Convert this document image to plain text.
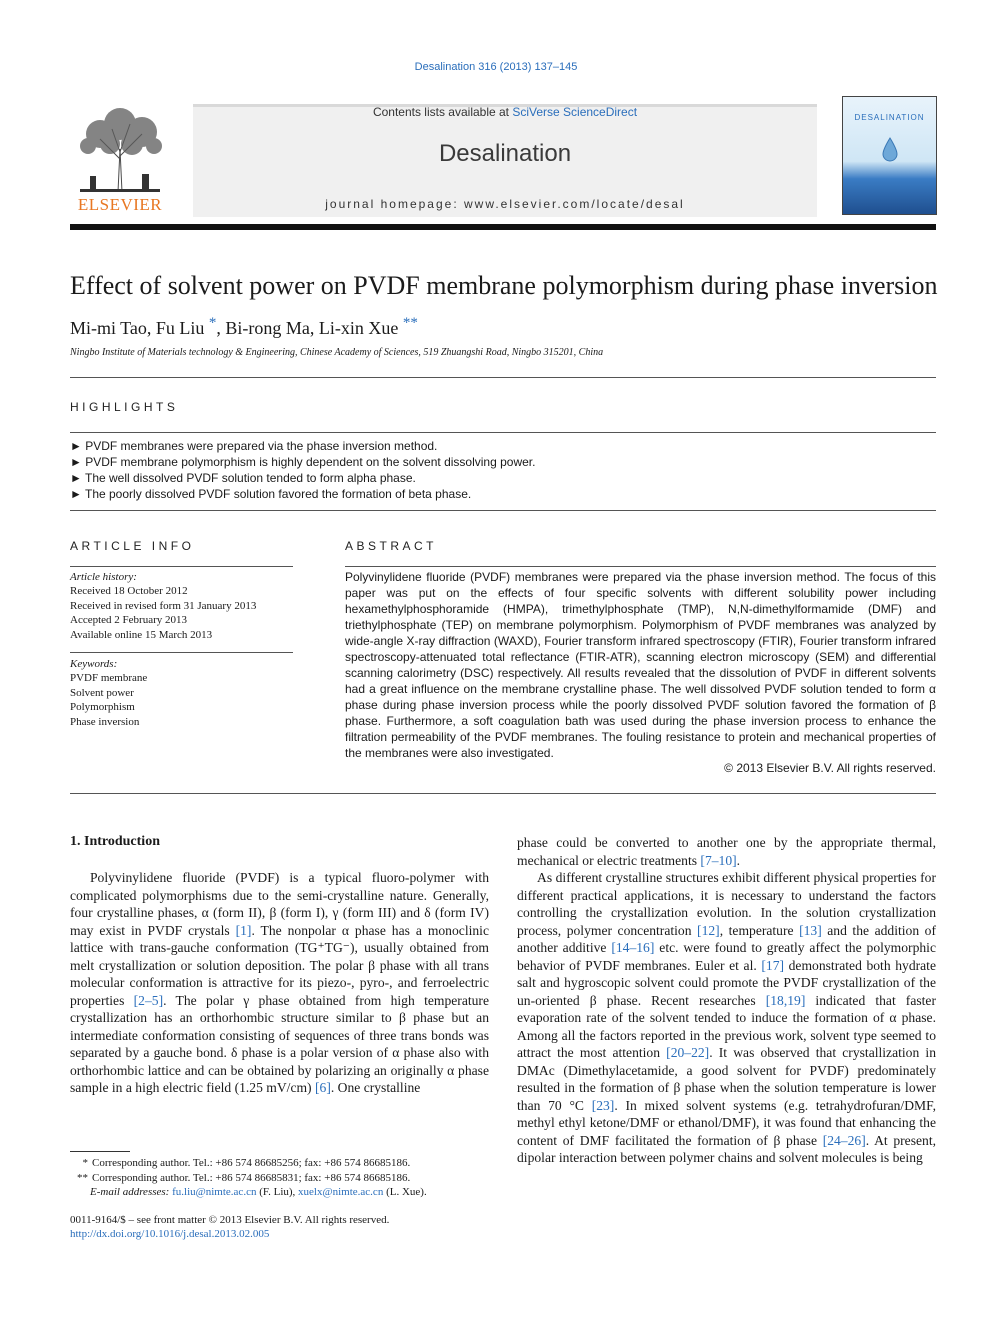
Desalination 316 (2013) 137–145
Contents lists available at SciVerse ScienceDirect
Desalination
journal homepage: www.elsevier.com/locate/desal
ELSEVIER
DESALINATION
Effect of solvent power on PVDF membrane polymorphism during phase inversion
Mi-mi Tao, Fu Liu *, Bi-rong Ma, Li-xin Xue **
Ningbo Institute of Materials technology & Engineering, Chinese Academy of Sciences, 519 Zhuangshi Road, Ningbo 315201, China
HIGHLIGHTS
► PVDF membranes were prepared via the phase inversion method.
► PVDF membrane polymorphism is highly dependent on the solvent dissolving power.
► The well dissolved PVDF solution tended to form alpha phase.
► The poorly dissolved PVDF solution favored the formation of beta phase.
ARTICLE INFO
Article history:
Received 18 October 2012
Received in revised form 31 January 2013
Accepted 2 February 2013
Available online 15 March 2013
Keywords:
PVDF membrane
Solvent power
Polymorphism
Phase inversion
ABSTRACT
Polyvinylidene fluoride (PVDF) membranes were prepared via the phase inversion method. The focus of this paper was put on the effects of four specific solvents with different solubility power including hexamethylphosphoramide (HMPA), trimethylphosphate (TMP), N,N-dimethylformamide (DMF) and triethylphosphate (TEP) on membrane polymorphism. Polymorphism of PVDF membranes was analyzed by wide-angle X-ray diffraction (WAXD), Fourier transform infrared spectroscopy (FTIR), Fourier transform infrared spectroscopy-attenuated total reflectance (FTIR-ATR), scanning electron microscopy (SEM) and differential scanning calorimetry (DSC) respectively. All results revealed that the dissolution of PVDF in different solvents had a great influence on the membrane crystalline phase. The well dissolved PVDF solution tended to form α phase during phase inversion process while the poorly dissolved PVDF solution favored the formation of β phase. Furthermore, a soft coagulation bath was used during the phase inversion process to enhance the filtration permeability of the PVDF membranes. The fouling resistance to protein and mechanical properties of the membranes were also investigated.
© 2013 Elsevier B.V. All rights reserved.
1. Introduction
Polyvinylidene fluoride (PVDF) is a typical fluoro-polymer with complicated polymorphisms due to the semi-crystalline nature. Generally, four crystalline phases, α (form II), β (form I), γ (form III) and δ (form IV) may exist in PVDF crystals [1]. The nonpolar α phase has a monoclinic lattice with trans-gauche conformation (TG⁺TG⁻), usually obtained from melt crystallization or solution deposition. The polar β phase with all trans molecular conformation is attractive for its piezo-, pyro-, and ferroelectric properties [2–5]. The polar γ phase obtained from high temperature crystallization has an orthorhombic structure similar to β phase but an intermediate conformation consisting of sequences of three trans bonds was separated by a gauche bond. δ phase is a polar version of α phase also with orthorhombic lattice and can be obtained by polarizing an originally α phase sample in a high electric field (1.25 mV/cm) [6]. One crystalline
phase could be converted to another one by the appropriate thermal, mechanical or electric treatments [7–10].
As different crystalline structures exhibit different physical properties for different practical applications, it is necessary to understand the factors controlling the crystallization evolution. In the solution crystallization process, polymer concentration [12], temperature [13] and the addition of another additive [14–16] etc. were found to greatly affect the polymorphic behavior of PVDF membranes. Euler et al. [17] demonstrated both hydrate salt and hygroscopic solvent could promote the PVDF crystallization of the un-oriented β phase. Recent researches [18,19] indicated that faster evaporation rate of the solvent tended to induce the formation of α phase. Among all the factors reported in the previous work, solvent type seemed to attract the most attention [20–22]. It was observed that crystallization in DMAc (Dimethylacetamide, a good solvent for PVDF) predominately resulted in the formation of β phase when the solution temperature is lower than 70 °C [23]. In mixed solvent systems (e.g. tetrahydrofuran/DMF, methyl ethyl ketone/DMF or ethanol/DMF), it was found that enhancing the content of DMF facilitated the formation of β phase [24–26]. At present, dipolar interaction between polymer chains and solvent molecules is being
* Corresponding author. Tel.: +86 574 86685256; fax: +86 574 86685186.
** Corresponding author. Tel.: +86 574 86685831; fax: +86 574 86685186.
E-mail addresses: fu.liu@nimte.ac.cn (F. Liu), xuelx@nimte.ac.cn (L. Xue).
0011-9164/$ – see front matter © 2013 Elsevier B.V. All rights reserved.
http://dx.doi.org/10.1016/j.desal.2013.02.005
